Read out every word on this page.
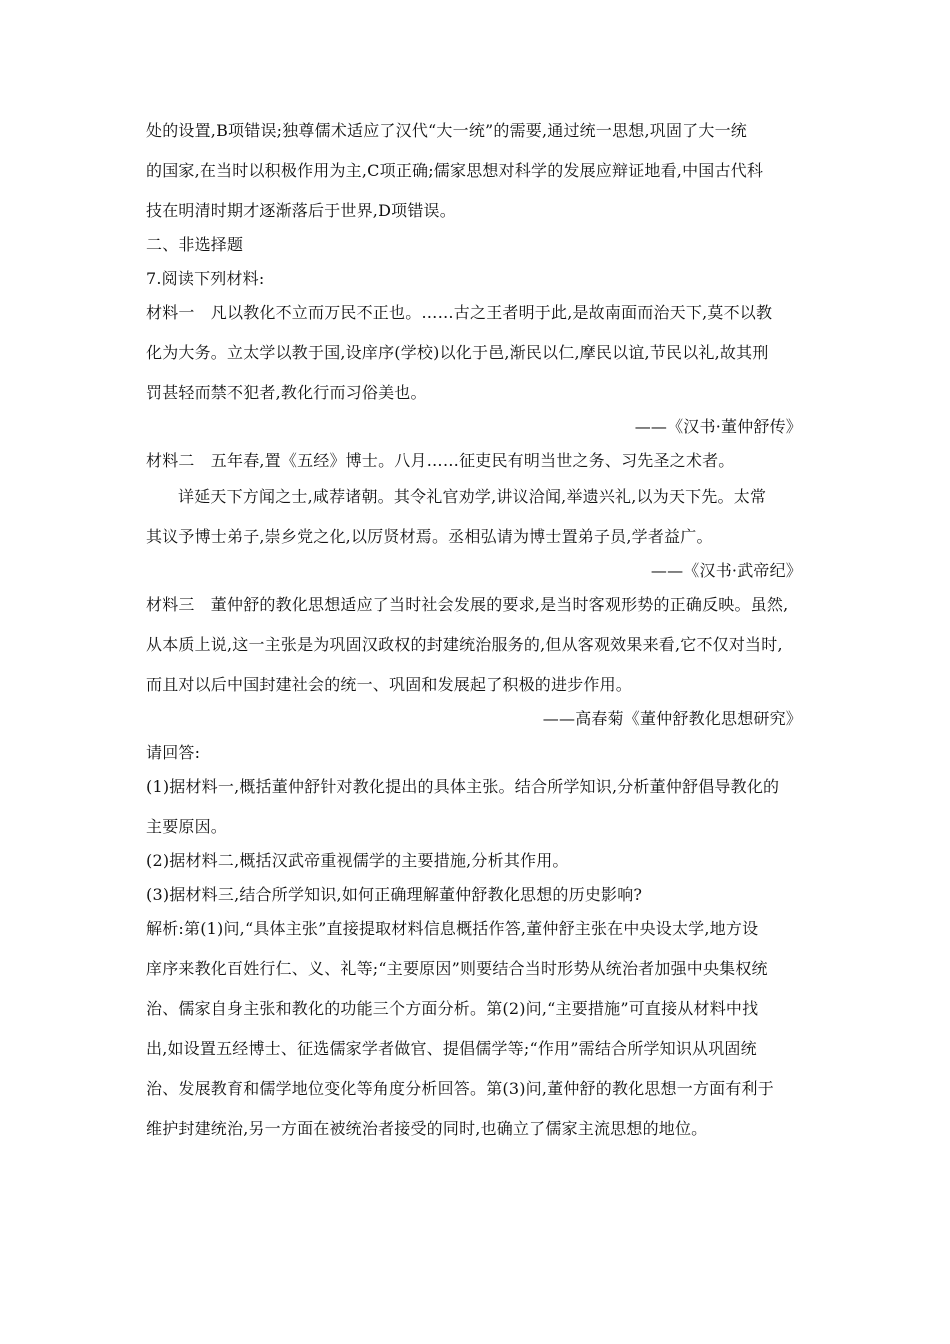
处的设置,B项错误;独尊儒术适应了汉代“大一统”的需要,通过统一思想,巩固了大一统
的国家,在当时以积极作用为主,C项正确;儒家思想对科学的发展应辩证地看,中国古代科
技在明清时期才逐渐落后于世界,D项错误。
二、非选择题
7.阅读下列材料:
材料一　凡以教化不立而万民不正也。……古之王者明于此,是故南面而治天下,莫不以教
化为大务。立太学以教于国,设庠序(学校)以化于邑,渐民以仁,摩民以谊,节民以礼,故其刑
罚甚轻而禁不犯者,教化行而习俗美也。
——《汉书·董仲舒传》
材料二　五年春,置《五经》博士。八月……征吏民有明当世之务、习先圣之术者。
详延天下方闻之士,咸荐诸朝。其令礼官劝学,讲议洽闻,举遗兴礼,以为天下先。太常
其议予博士弟子,崇乡党之化,以厉贤材焉。丞相弘请为博士置弟子员,学者益广。
——《汉书·武帝纪》
材料三　董仲舒的教化思想适应了当时社会发展的要求,是当时客观形势的正确反映。虽然,
从本质上说,这一主张是为巩固汉政权的封建统治服务的,但从客观效果来看,它不仅对当时,
而且对以后中国封建社会的统一、巩固和发展起了积极的进步作用。
——高春菊《董仲舒教化思想研究》
请回答:
(1)据材料一,概括董仲舒针对教化提出的具体主张。结合所学知识,分析董仲舒倡导教化的
主要原因。
(2)据材料二,概括汉武帝重视儒学的主要措施,分析其作用。
(3)据材料三,结合所学知识,如何正确理解董仲舒教化思想的历史影响?
解析:第(1)问,“具体主张”直接提取材料信息概括作答,董仲舒主张在中央设太学,地方设
庠序来教化百姓行仁、义、礼等;“主要原因”则要结合当时形势从统治者加强中央集权统
治、儒家自身主张和教化的功能三个方面分析。第(2)问,“主要措施”可直接从材料中找
出,如设置五经博士、征选儒家学者做官、提倡儒学等;“作用”需结合所学知识从巩固统
治、发展教育和儒学地位变化等角度分析回答。第(3)问,董仲舒的教化思想一方面有利于
维护封建统治,另一方面在被统治者接受的同时,也确立了儒家主流思想的地位。
